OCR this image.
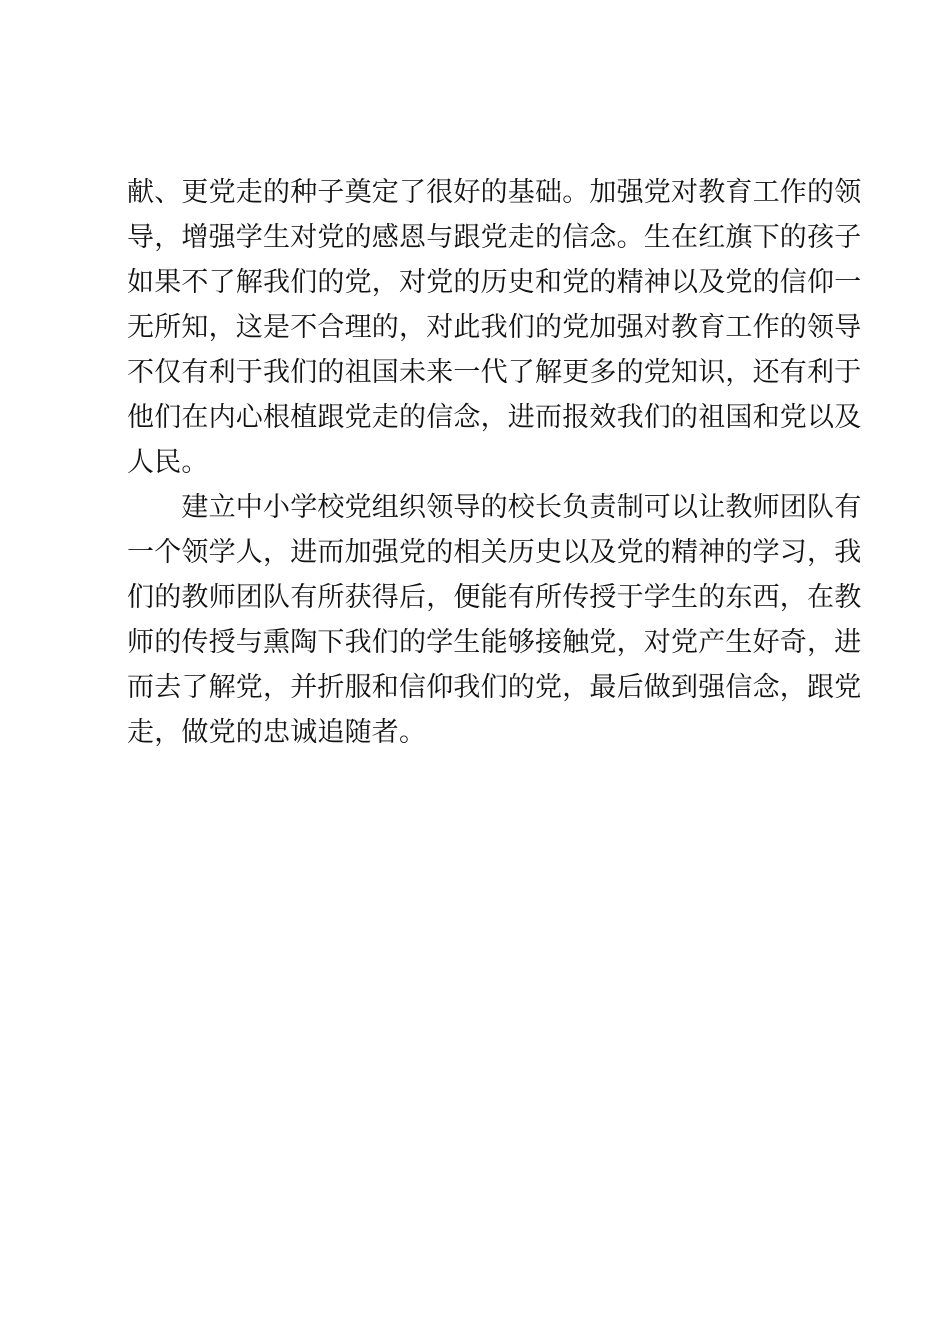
献、更党走的种子奠定了很好的基础。加强党对教育工作的领
导，增强学生对党的感恩与跟党走的信念。生在红旗下的孩子
如果不了解我们的党，对党的历史和党的精神以及党的信仰一
无所知，这是不合理的，对此我们的党加强对教育工作的领导
不仅有利于我们的祖国未来一代了解更多的党知识，还有利于
他们在内心根植跟党走的信念，进而报效我们的祖国和党以及
人民。
　　建立中小学校党组织领导的校长负责制可以让教师团队有
一个领学人，进而加强党的相关历史以及党的精神的学习，我
们的教师团队有所获得后，便能有所传授于学生的东西，在教
师的传授与熏陶下我们的学生能够接触党，对党产生好奇，进
而去了解党，并折服和信仰我们的党，最后做到强信念，跟党
走，做党的忠诚追随者。
